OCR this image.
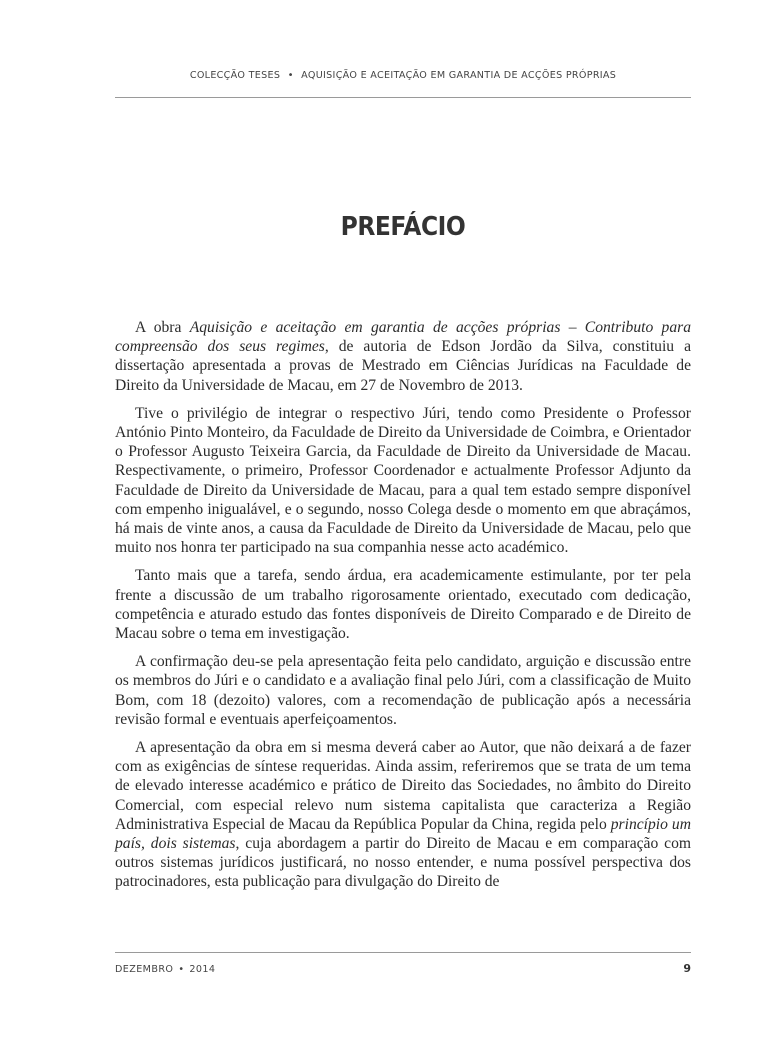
COLECÇÃO TESES • AQUISIÇÃO E ACEITAÇÃO EM GARANTIA DE ACÇÕES PRÓPRIAS
PREFÁCIO

A obra Aquisição e aceitação em garantia de acções próprias – Contributo para compreensão dos seus regimes, de autoria de Edson Jordão da Silva, constituiu a dissertação apresentada a provas de Mestrado em Ciências Jurídicas na Faculdade de Direito da Universidade de Macau, em 27 de Novembro de 2013.

Tive o privilégio de integrar o respectivo Júri, tendo como Presidente o Professor António Pinto Monteiro, da Faculdade de Direito da Universidade de Coimbra, e Orientador o Professor Augusto Teixeira Garcia, da Faculdade de Direito da Universidade de Macau. Respectivamente, o primeiro, Professor Coordenador e actualmente Professor Adjunto da Faculdade de Direito da Universidade de Macau, para a qual tem estado sempre disponível com empenho inigualável, e o segundo, nosso Colega desde o momento em que abraçámos, há mais de vinte anos, a causa da Faculdade de Direito da Universidade de Macau, pelo que muito nos honra ter participado na sua companhia nesse acto académico.

Tanto mais que a tarefa, sendo árdua, era academicamente estimulante, por ter pela frente a discussão de um trabalho rigorosamente orientado, executado com dedicação, competência e aturado estudo das fontes disponíveis de Direito Comparado e de Direito de Macau sobre o tema em investigação.

A confirmação deu-se pela apresentação feita pelo candidato, arguição e discussão entre os membros do Júri e o candidato e a avaliação final pelo Júri, com a classificação de Muito Bom, com 18 (dezoito) valores, com a recomendação de publicação após a necessária revisão formal e eventuais aperfeiçoamentos.

A apresentação da obra em si mesma deverá caber ao Autor, que não deixará a de fazer com as exigências de síntese requeridas. Ainda assim, referiremos que se trata de um tema de elevado interesse académico e prático de Direito das Sociedades, no âmbito do Direito Comercial, com especial relevo num sistema capitalista que caracteriza a Região Administrativa Especial de Macau da República Popular da China, regida pelo princípio um país, dois sistemas, cuja abordagem a partir do Direito de Macau e em comparação com outros sistemas jurídicos justificará, no nosso entender, e numa possível perspectiva dos patrocinadores, esta publicação para divulgação do Direito de

DEZEMBRO • 2014	9
